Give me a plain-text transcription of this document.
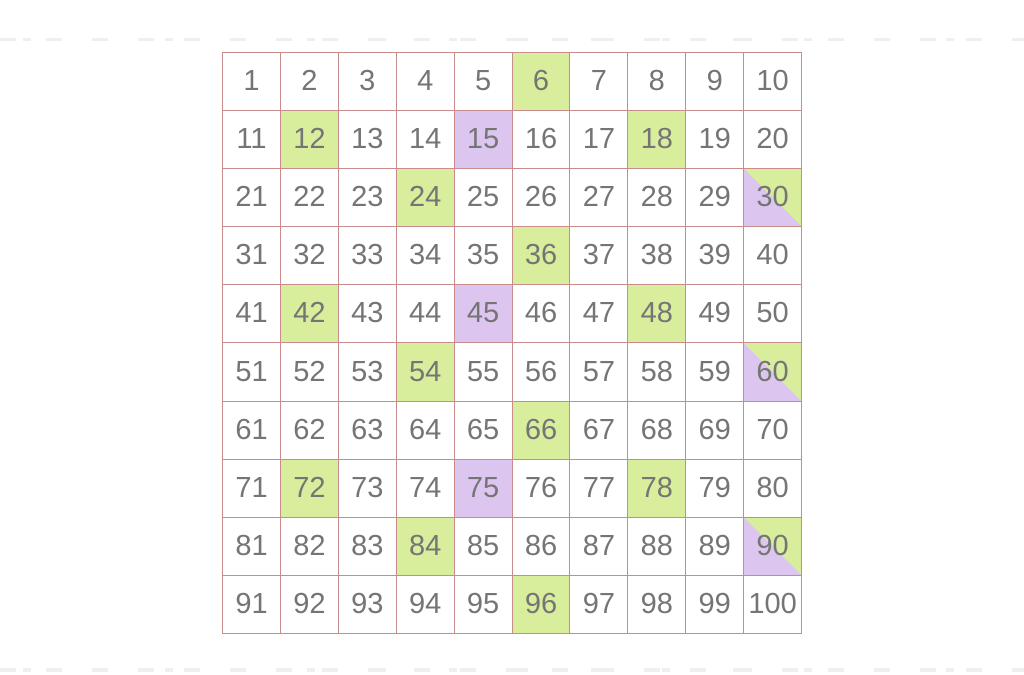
1 2 3 4 5 6 7 8 9 10
11 12 13 14 15 16 17 18 19 20
21 22 23 24 25 26 27 28 29 30
31 32 33 34 35 36 37 38 39 40
41 42 43 44 45 46 47 48 49 50
51 52 53 54 55 56 57 58 59 60
61 62 63 64 65 66 67 68 69 70
71 72 73 74 75 76 77 78 79 80
81 82 83 84 85 86 87 88 89 90
91 92 93 94 95 96 97 98 99 100
